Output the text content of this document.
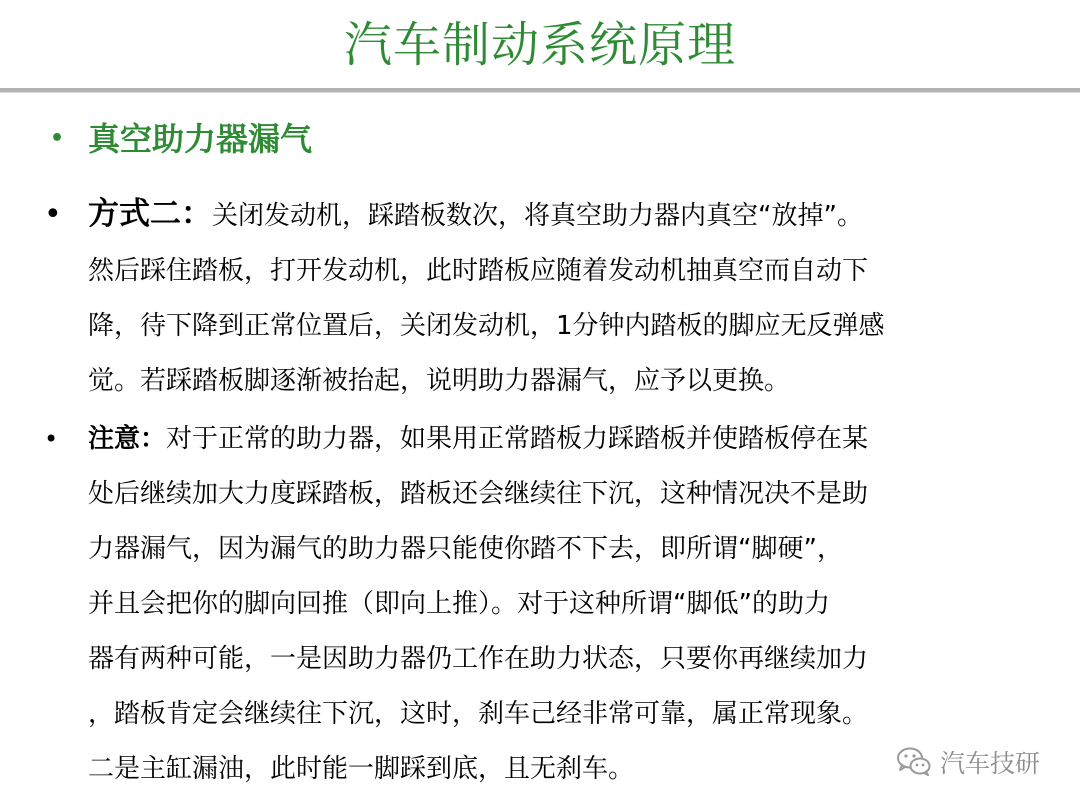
汽车制动系统原理
• 真空助力器漏气
• 方式二：关闭发动机，踩踏板数次，将真空助力器内真空“放掉”。
然后踩住踏板，打开发动机，此时踏板应随着发动机抽真空而自动下
降，待下降到正常位置后，关闭发动机，1分钟内踏板的脚应无反弹感
觉。若踩踏板脚逐渐被抬起，说明助力器漏气，应予以更换。
• 注意：对于正常的助力器，如果用正常踏板力踩踏板并使踏板停在某
处后继续加大力度踩踏板，踏板还会继续往下沉，这种情况决不是助
力器漏气，因为漏气的助力器只能使你踏不下去，即所谓“脚硬”，
并且会把你的脚向回推（即向上推）。对于这种所谓“脚低”的助力
器有两种可能，一是因助力器仍工作在助力状态，只要你再继续加力
，踏板肯定会继续往下沉，这时，刹车己经非常可靠，属正常现象。
二是主缸漏油，此时能一脚踩到底，且无刹车。	汽车技研
